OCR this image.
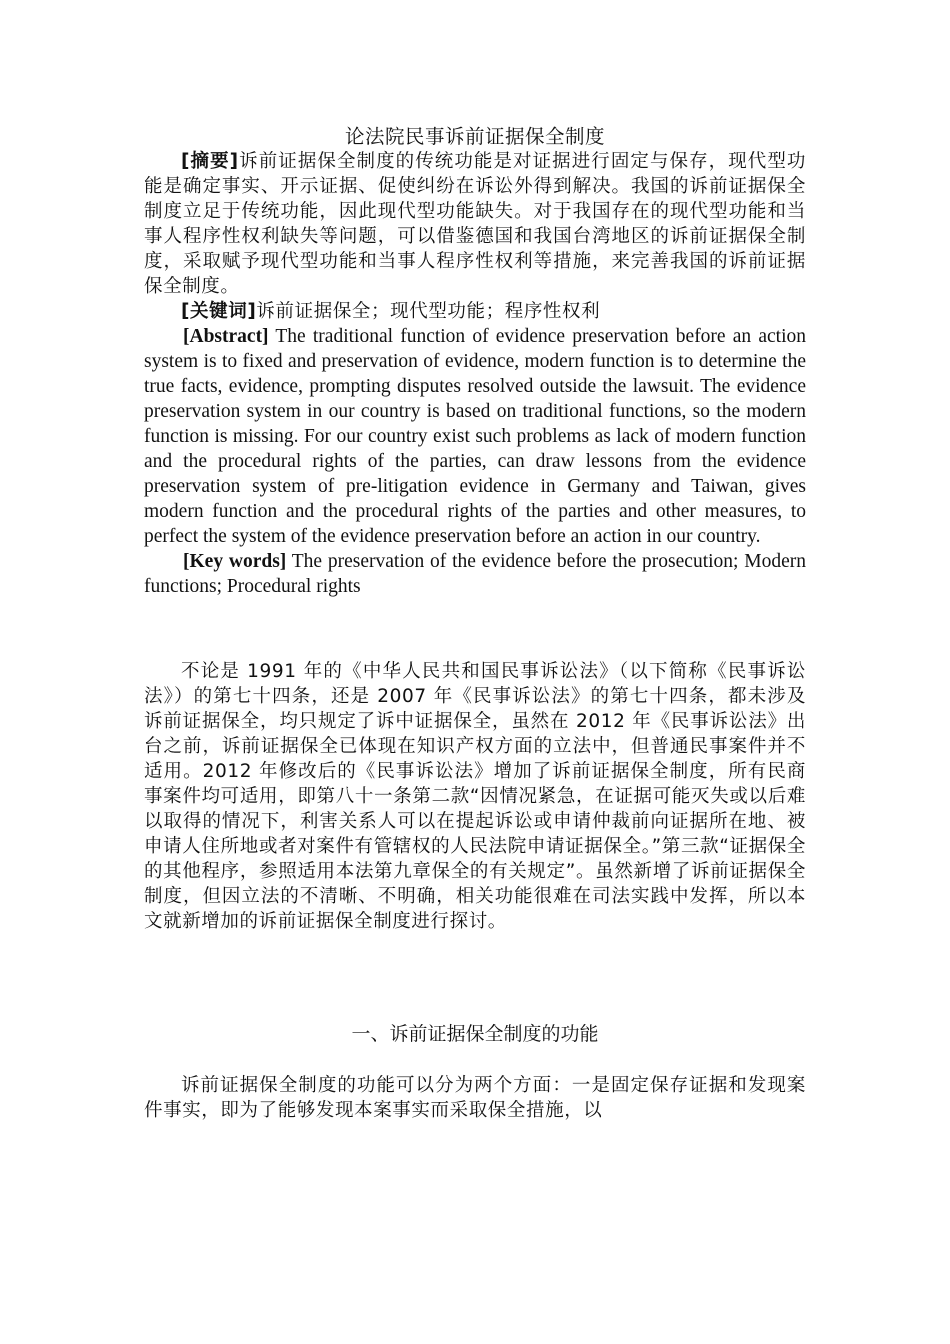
论法院民事诉前证据保全制度

[摘要]诉前证据保全制度的传统功能是对证据进行固定与保存，现代型功能是确定事实、开示证据、促使纠纷在诉讼外得到解决。我国的诉前证据保全制度立足于传统功能，因此现代型功能缺失。对于我国存在的现代型功能和当事人程序性权利缺失等问题，可以借鉴德国和我国台湾地区的诉前证据保全制度，采取赋予现代型功能和当事人程序性权利等措施，来完善我国的诉前证据保全制度。

[关键词]诉前证据保全；现代型功能；程序性权利

[Abstract] The traditional function of evidence preservation before an action system is to fixed and preservation of evidence, modern function is to determine the true facts, evidence, prompting disputes resolved outside the lawsuit. The evidence preservation system in our country is based on traditional functions, so the modern function is missing. For our country exist such problems as lack of modern function and the procedural rights of the parties, can draw lessons from the evidence preservation system of pre-litigation evidence in Germany and Taiwan, gives modern function and the procedural rights of the parties and other measures, to perfect the system of the evidence preservation before an action in our country.

[Key words] The preservation of the evidence before the prosecution; Modern functions; Procedural rights

不论是 1991 年的《中华人民共和国民事诉讼法》（以下简称《民事诉讼法》）的第七十四条，还是 2007 年《民事诉讼法》的第七十四条，都未涉及诉前证据保全，均只规定了诉中证据保全，虽然在 2012 年《民事诉讼法》出台之前，诉前证据保全已体现在知识产权方面的立法中，但普通民事案件并不适用。2012 年修改后的《民事诉讼法》增加了诉前证据保全制度，所有民商事案件均可适用，即第八十一条第二款“因情况紧急，在证据可能灭失或以后难以取得的情况下，利害关系人可以在提起诉讼或申请仲裁前向证据所在地、被申请人住所地或者对案件有管辖权的人民法院申请证据保全。”第三款“证据保全的其他程序，参照适用本法第九章保全的有关规定”。虽然新增了诉前证据保全制度，但因立法的不清晰、不明确，相关功能很难在司法实践中发挥，所以本文就新增加的诉前证据保全制度进行探讨。

一、诉前证据保全制度的功能

诉前证据保全制度的功能可以分为两个方面：一是固定保存证据和发现案件事实，即为了能够发现本案事实而采取保全措施，以
